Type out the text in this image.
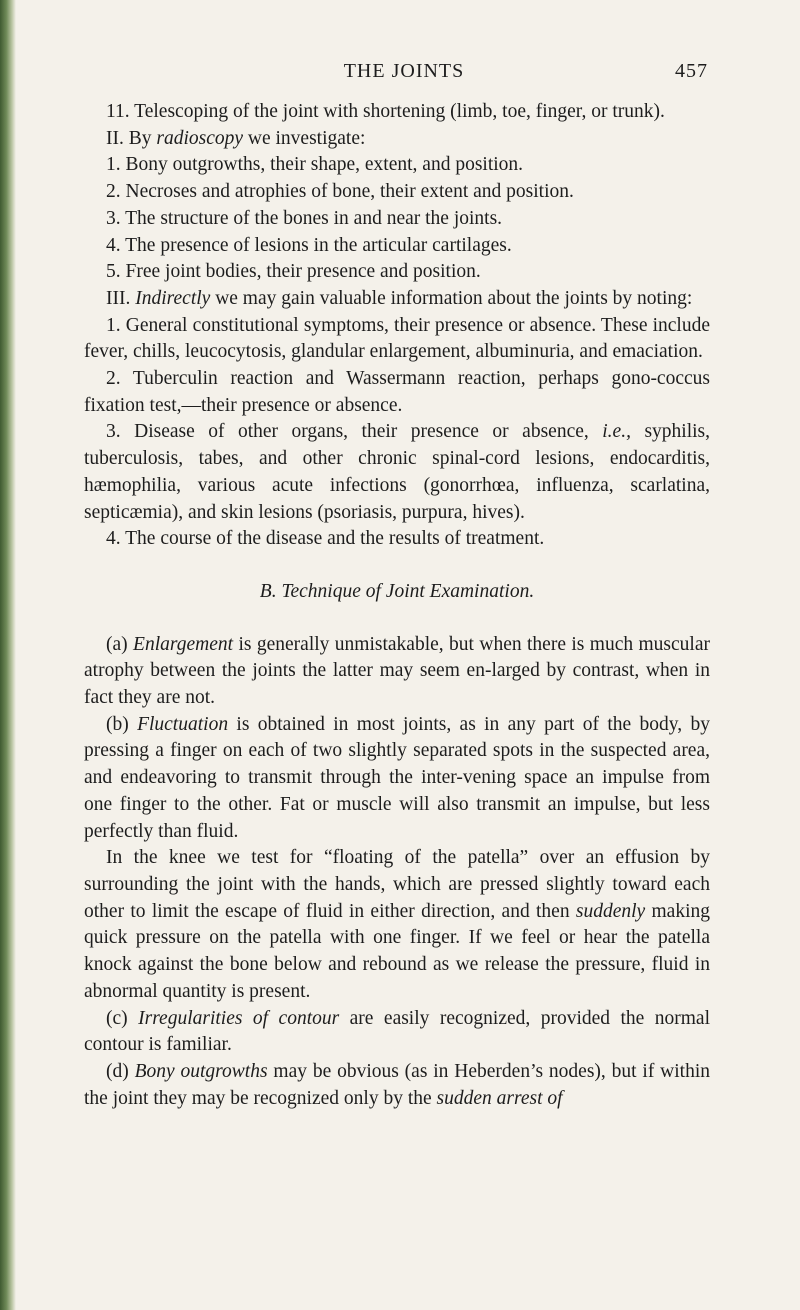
THE JOINTS	457

11. Telescoping of the joint with shortening (limb, toe, finger, or trunk).

II. By radioscopy we investigate:

1. Bony outgrowths, their shape, extent, and position.

2. Necroses and atrophies of bone, their extent and position.

3. The structure of the bones in and near the joints.

4. The presence of lesions in the articular cartilages.

5. Free joint bodies, their presence and position.

III. Indirectly we may gain valuable information about the joints by noting:

1. General constitutional symptoms, their presence or absence. These include fever, chills, leucocytosis, glandular enlargement, albuminuria, and emaciation.

2. Tuberculin reaction and Wassermann reaction, perhaps gono-coccus fixation test,—their presence or absence.

3. Disease of other organs, their presence or absence, i.e., syphilis, tuberculosis, tabes, and other chronic spinal-cord lesions, endocarditis, hæmophilia, various acute infections (gonorrhœa, influenza, scarlatina, septicæmia), and skin lesions (psoriasis, purpura, hives).

4. The course of the disease and the results of treatment.

B. Technique of Joint Examination.

(a) Enlargement is generally unmistakable, but when there is much muscular atrophy between the joints the latter may seem en-larged by contrast, when in fact they are not.

(b) Fluctuation is obtained in most joints, as in any part of the body, by pressing a finger on each of two slightly separated spots in the suspected area, and endeavoring to transmit through the inter-vening space an impulse from one finger to the other. Fat or muscle will also transmit an impulse, but less perfectly than fluid.

In the knee we test for “floating of the patella” over an effusion by surrounding the joint with the hands, which are pressed slightly toward each other to limit the escape of fluid in either direction, and then suddenly making quick pressure on the patella with one finger. If we feel or hear the patella knock against the bone below and rebound as we release the pressure, fluid in abnormal quantity is present.

(c) Irregularities of contour are easily recognized, provided the normal contour is familiar.

(d) Bony outgrowths may be obvious (as in Heberden’s nodes), but if within the joint they may be recognized only by the sudden arrest of
